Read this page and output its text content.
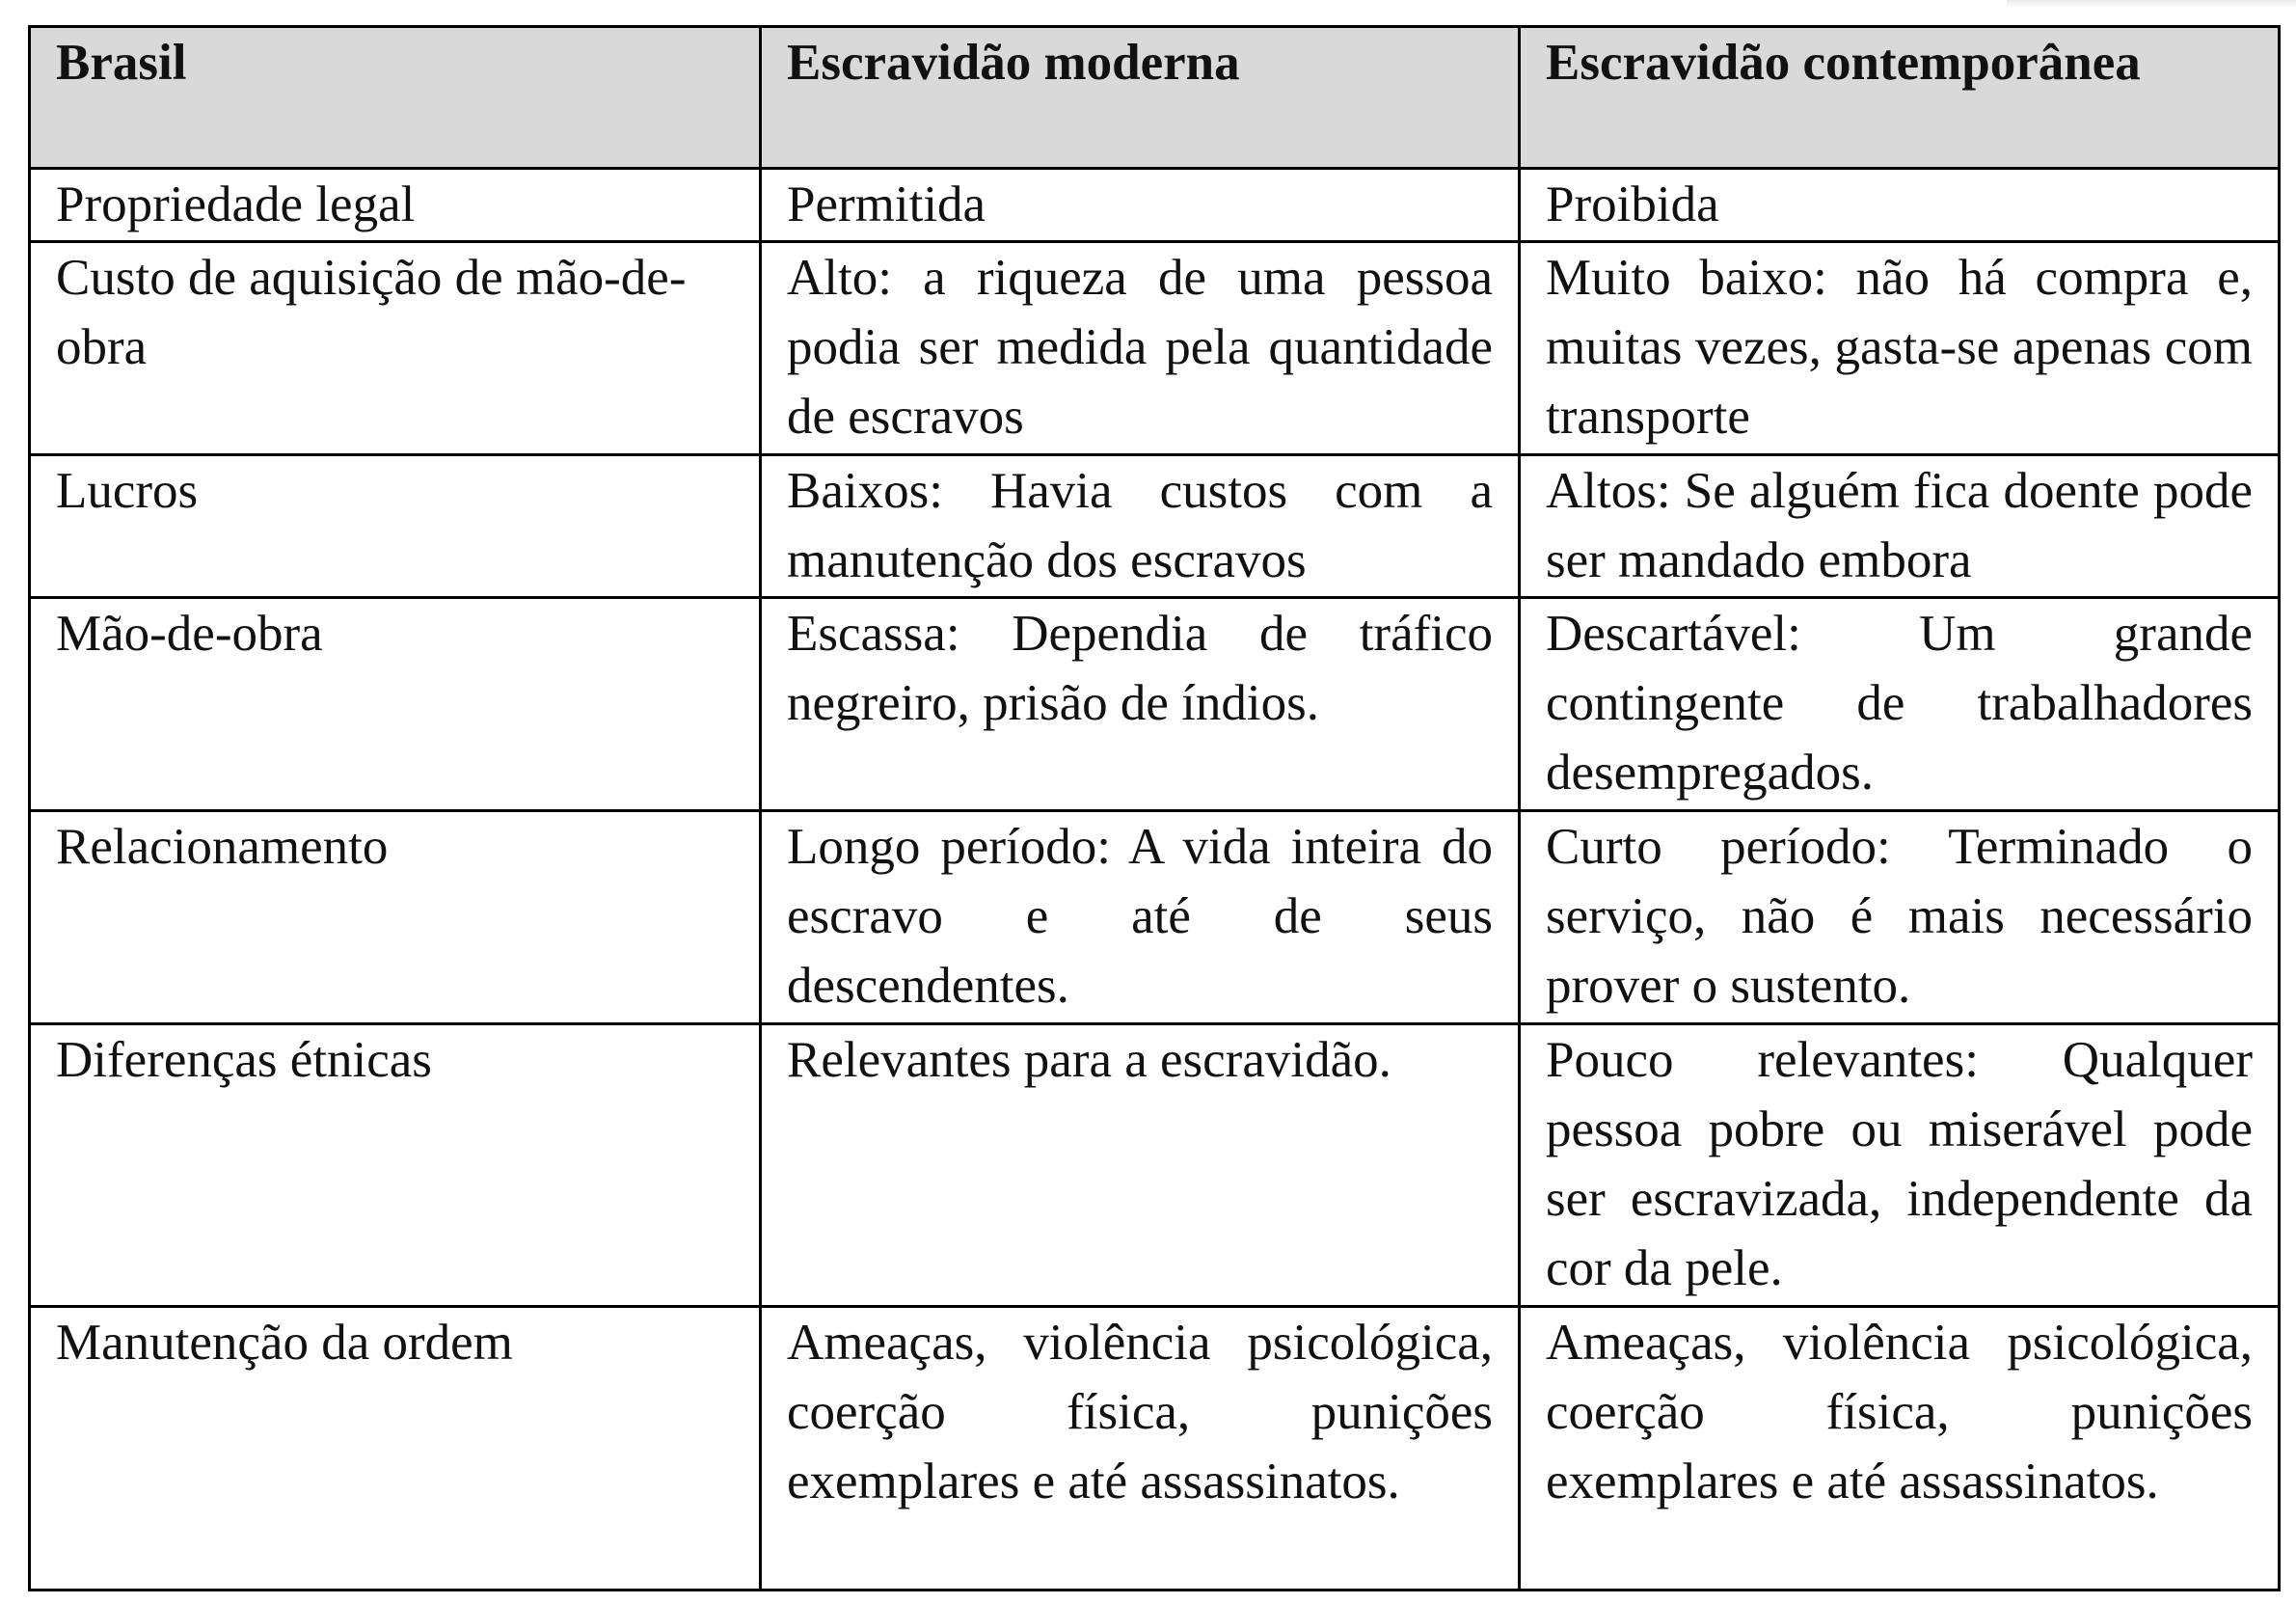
Brasil	Escravidão moderna	Escravidão contemporânea
Propriedade legal	Permitida	Proibida
Custo de aquisição de mão-de-obra	Alto: a riqueza de uma pessoa podia ser medida pela quantidade de escravos	Muito baixo: não há compra e, muitas vezes, gasta-se apenas com transporte
Lucros	Baixos: Havia custos com a manutenção dos escravos	Altos: Se alguém fica doente pode ser mandado embora
Mão-de-obra	Escassa: Dependia de tráfico negreiro, prisão de índios.	Descartável: Um grande contingente de trabalhadores desempregados.
Relacionamento	Longo período: A vida inteira do escravo e até de seus descendentes.	Curto período: Terminado o serviço, não é mais necessário prover o sustento.
Diferenças étnicas	Relevantes para a escravidão.	Pouco relevantes: Qualquer pessoa pobre ou miserável pode ser escravizada, independente da cor da pele.
Manutenção da ordem	Ameaças, violência psicológica, coerção física, punições exemplares e até assassinatos.	Ameaças, violência psicológica, coerção física, punições exemplares e até assassinatos.
